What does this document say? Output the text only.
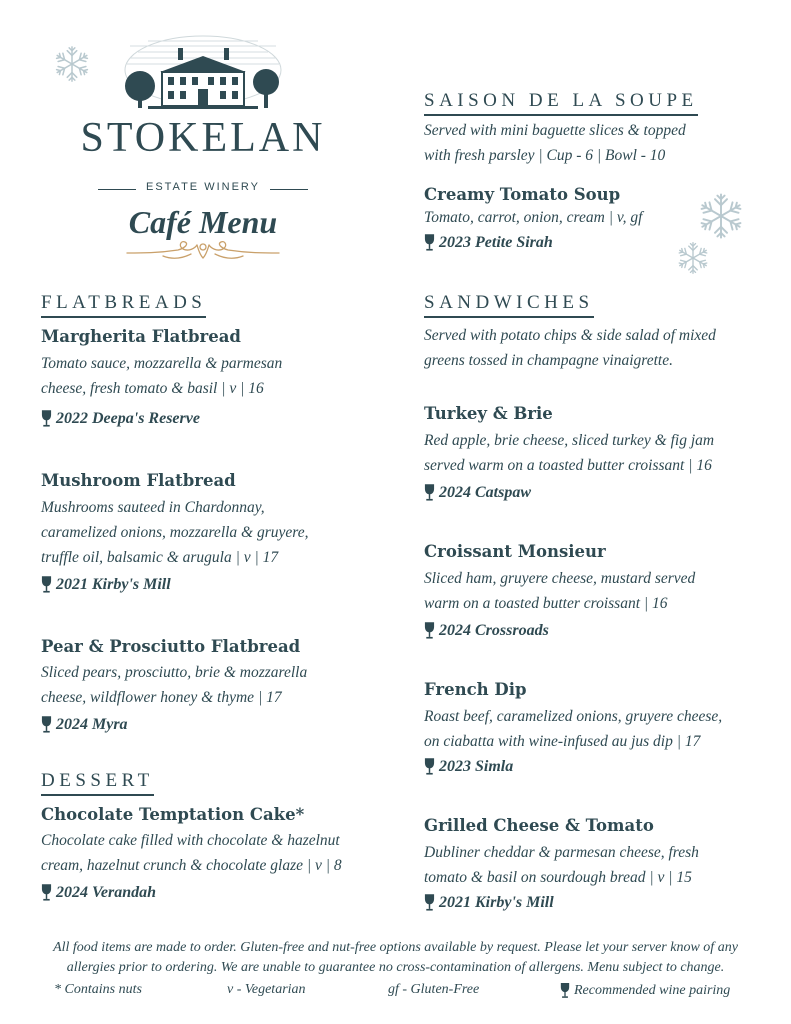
STOKELAN
ESTATE WINERY
Café Menu
FLATBREADS
Margherita Flatbread
Tomato sauce, mozzarella & parmesan
cheese, fresh tomato & basil | v | 16
2022 Deepa's Reserve
Mushroom Flatbread
Mushrooms sauteed in Chardonnay,
caramelized onions, mozzarella & gruyere,
truffle oil, balsamic & arugula | v | 17
2021 Kirby's Mill
Pear & Prosciutto Flatbread
Sliced pears, prosciutto, brie & mozzarella
cheese, wildflower honey & thyme | 17
2024 Myra
DESSERT
Chocolate Temptation Cake*
Chocolate cake filled with chocolate & hazelnut
cream, hazelnut crunch & chocolate glaze | v | 8
2024 Verandah
SAISON DE LA SOUPE
Served with mini baguette slices & topped
with fresh parsley | Cup - 6 | Bowl - 10
Creamy Tomato Soup
Tomato, carrot, onion, cream | v, gf
2023 Petite Sirah
SANDWICHES
Served with potato chips & side salad of mixed
greens tossed in champagne vinaigrette.
Turkey & Brie
Red apple, brie cheese, sliced turkey & fig jam
served warm on a toasted butter croissant | 16
2024 Catspaw
Croissant Monsieur
Sliced ham, gruyere cheese, mustard served
warm on a toasted butter croissant | 16
2024 Crossroads
French Dip
Roast beef, caramelized onions, gruyere cheese,
on ciabatta with wine-infused au jus dip | 17
2023 Simla
Grilled Cheese & Tomato
Dubliner cheddar & parmesan cheese, fresh
tomato & basil on sourdough bread | v | 15
2021 Kirby's Mill
All food items are made to order. Gluten-free and nut-free options available by request. Please let your server know of any
allergies prior to ordering. We are unable to guarantee no cross-contamination of allergens. Menu subject to change.
* Contains nuts	v - Vegetarian	gf - Gluten-Free	Recommended wine pairing
